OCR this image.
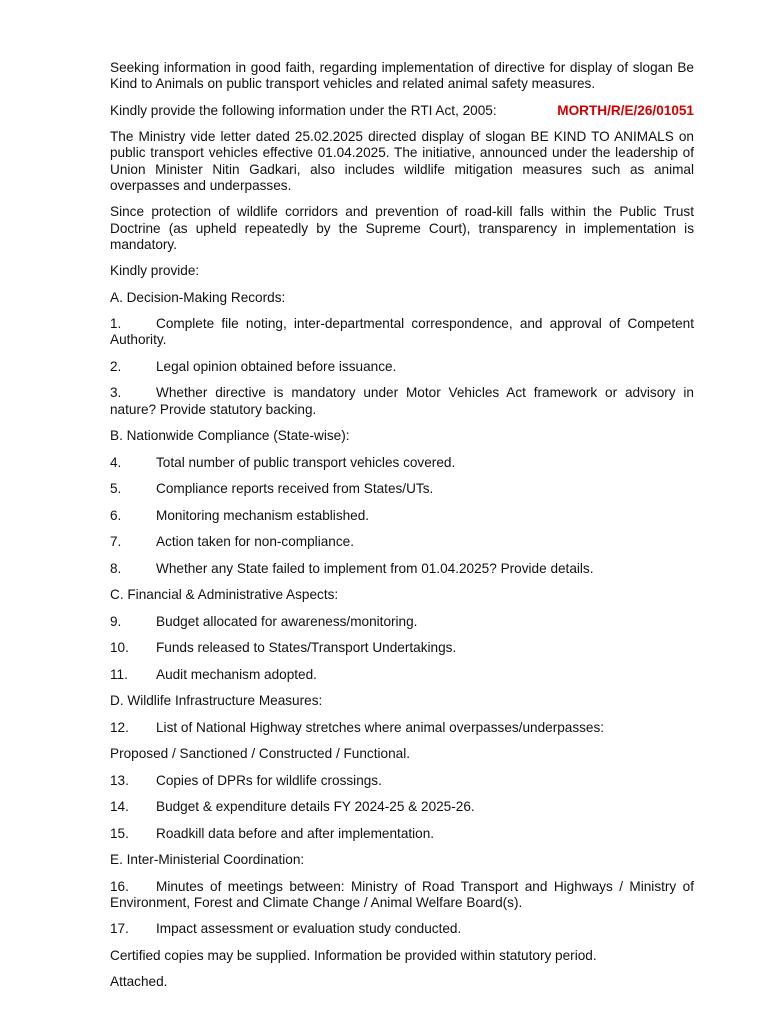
Seeking information in good faith, regarding implementation of directive for display of slogan Be Kind to Animals on public transport vehicles and related animal safety measures.

Kindly provide the following information under the RTI Act, 2005:	MORTH/R/E/26/01051

The Ministry vide letter dated 25.02.2025 directed display of slogan BE KIND TO ANIMALS on public transport vehicles effective 01.04.2025. The initiative, announced under the leadership of Union Minister Nitin Gadkari, also includes wildlife mitigation measures such as animal overpasses and underpasses.

Since protection of wildlife corridors and prevention of road-kill falls within the Public Trust Doctrine (as upheld repeatedly by the Supreme Court), transparency in implementation is mandatory.

Kindly provide:

A. Decision-Making Records:

1.	Complete file noting, inter-departmental correspondence, and approval of Competent Authority.

2.	Legal opinion obtained before issuance.

3.	Whether directive is mandatory under Motor Vehicles Act framework or advisory in nature? Provide statutory backing.

B. Nationwide Compliance (State-wise):

4.	Total number of public transport vehicles covered.

5.	Compliance reports received from States/UTs.

6.	Monitoring mechanism established.

7.	Action taken for non-compliance.

8.	Whether any State failed to implement from 01.04.2025? Provide details.

C. Financial & Administrative Aspects:

9.	Budget allocated for awareness/monitoring.

10. Funds released to States/Transport Undertakings.

11. Audit mechanism adopted.

D. Wildlife Infrastructure Measures:

12. List of National Highway stretches where animal overpasses/underpasses:

Proposed / Sanctioned / Constructed / Functional.

13. Copies of DPRs for wildlife crossings.

14. Budget & expenditure details FY 2024-25 & 2025-26.

15. Roadkill data before and after implementation.

E. Inter-Ministerial Coordination:

16. Minutes of meetings between: Ministry of Road Transport and Highways / Ministry of Environment, Forest and Climate Change / Animal Welfare Board(s).

17. Impact assessment or evaluation study conducted.

Certified copies may be supplied. Information be provided within statutory period.

Attached.
